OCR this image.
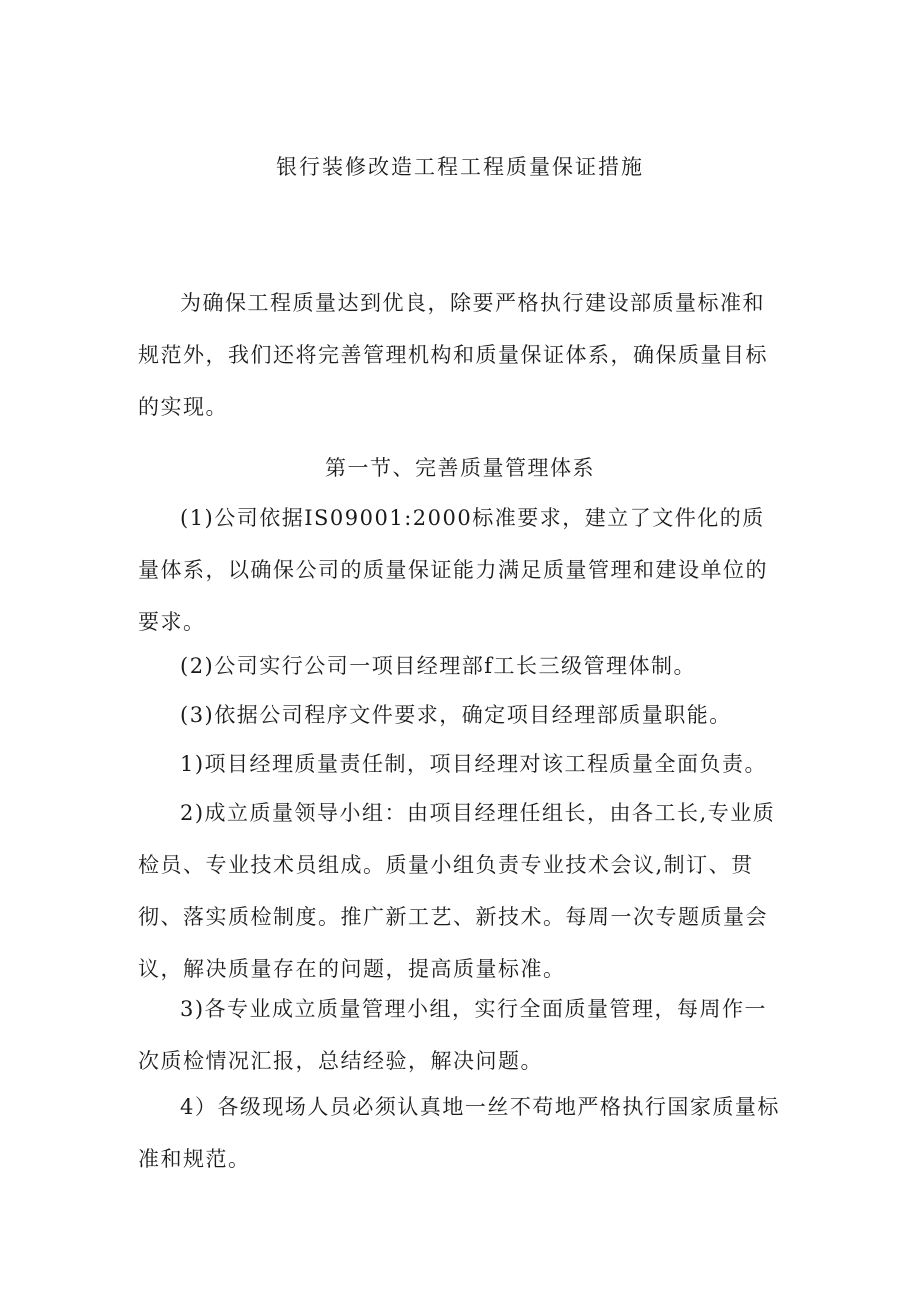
银行装修改造工程工程质量保证措施

为确保工程质量达到优良，除要严格执行建设部质量标准和规范外，我们还将完善管理机构和质量保证体系，确保质量目标的实现。

第一节、完善质量管理体系

(1)公司依据IS09001:2000标准要求，建立了文件化的质量体系，以确保公司的质量保证能力满足质量管理和建设单位的要求。

(2)公司实行公司一项目经理部f工长三级管理体制。

(3)依据公司程序文件要求，确定项目经理部质量职能。

1)项目经理质量责任制，项目经理对该工程质量全面负责。

2)成立质量领导小组：由项目经理任组长，由各工长,专业质检员、专业技术员组成。质量小组负责专业技术会议,制订、贯彻、落实质检制度。推广新工艺、新技术。每周一次专题质量会议，解决质量存在的问题，提高质量标准。

3)各专业成立质量管理小组，实行全面质量管理，每周作一次质检情况汇报，总结经验，解决问题。

4）各级现场人员必须认真地一丝不苟地严格执行国家质量标准和规范。
